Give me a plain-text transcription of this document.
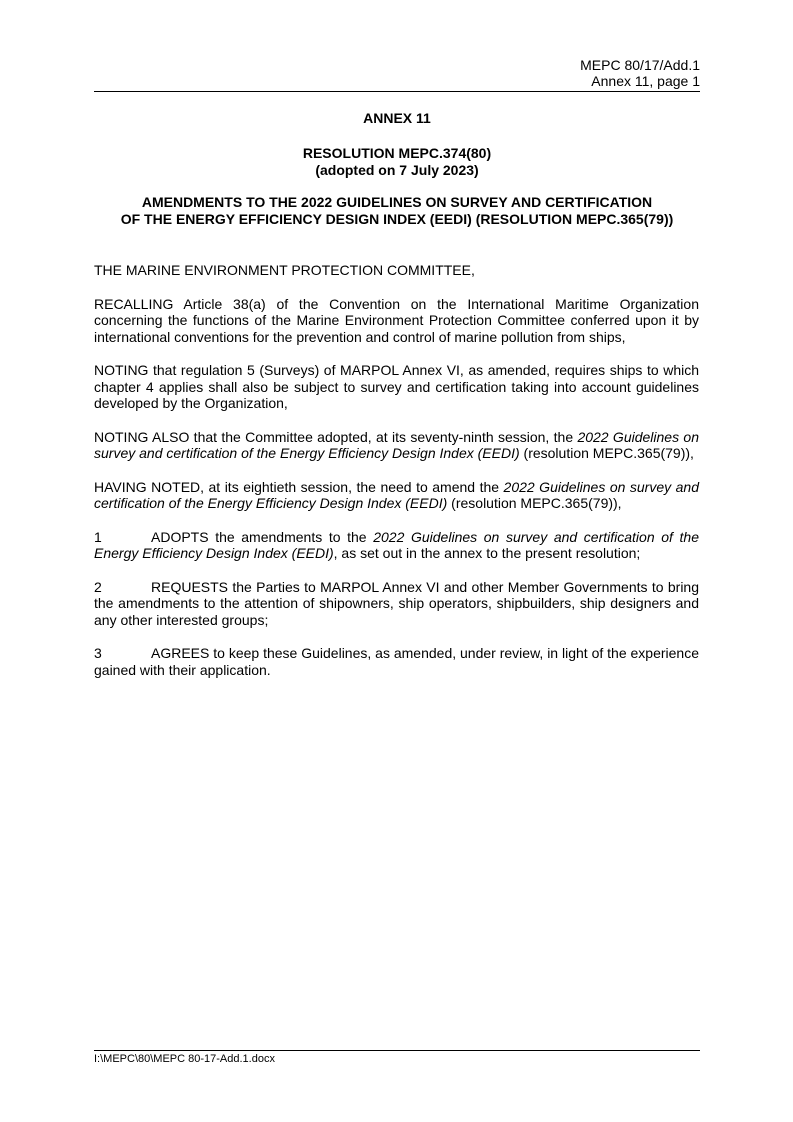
MEPC 80/17/Add.1
Annex 11, page 1
ANNEX 11
RESOLUTION MEPC.374(80)
(adopted on 7 July 2023)
AMENDMENTS TO THE 2022 GUIDELINES ON SURVEY AND CERTIFICATION
OF THE ENERGY EFFICIENCY DESIGN INDEX (EEDI) (RESOLUTION MEPC.365(79))

THE MARINE ENVIRONMENT PROTECTION COMMITTEE,

RECALLING Article 38(a) of the Convention on the International Maritime Organization concerning the functions of the Marine Environment Protection Committee conferred upon it by international conventions for the prevention and control of marine pollution from ships,

NOTING that regulation 5 (Surveys) of MARPOL Annex VI, as amended, requires ships to which chapter 4 applies shall also be subject to survey and certification taking into account guidelines developed by the Organization,

NOTING ALSO that the Committee adopted, at its seventy-ninth session, the 2022 Guidelines on survey and certification of the Energy Efficiency Design Index (EEDI) (resolution MEPC.365(79)),

HAVING NOTED, at its eightieth session, the need to amend the 2022 Guidelines on survey and certification of the Energy Efficiency Design Index (EEDI) (resolution MEPC.365(79)),

1	ADOPTS the amendments to the 2022 Guidelines on survey and certification of the Energy Efficiency Design Index (EEDI), as set out in the annex to the present resolution;

2	REQUESTS the Parties to MARPOL Annex VI and other Member Governments to bring the amendments to the attention of shipowners, ship operators, shipbuilders, ship designers and any other interested groups;

3	AGREES to keep these Guidelines, as amended, under review, in light of the experience gained with their application.

I:\MEPC\80\MEPC 80-17-Add.1.docx
